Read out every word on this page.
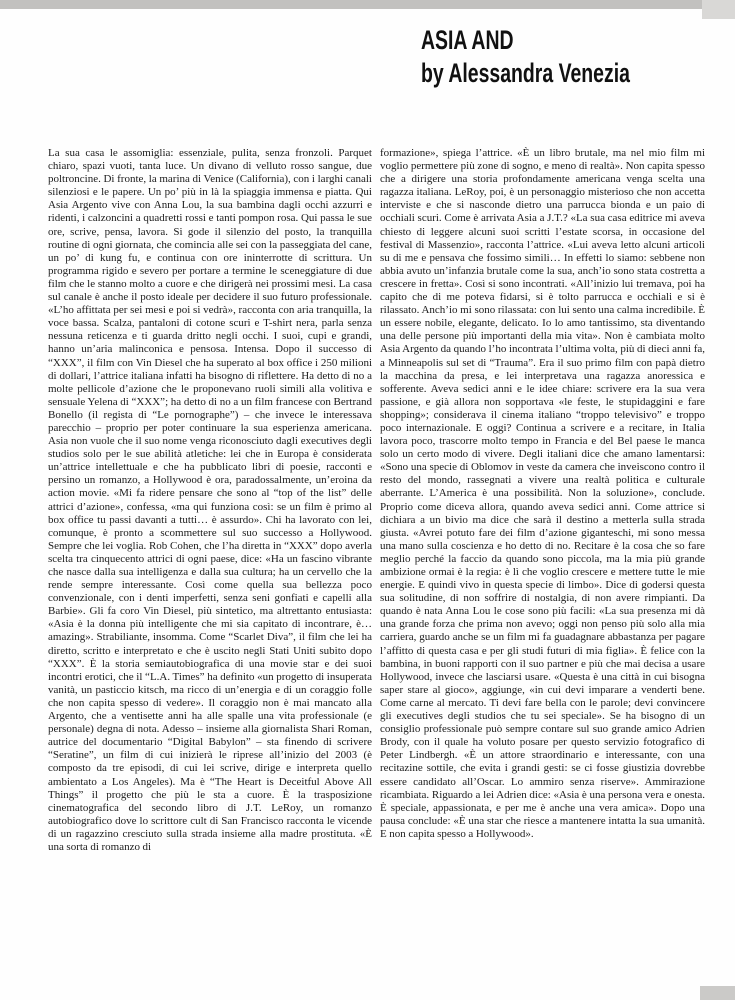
ASIA AND
by Alessandra Venezia
La sua casa le assomiglia: essenziale, pulita, senza fronzoli. Parquet chiaro, spazi vuoti, tanta luce. Un divano di velluto rosso sangue, due poltroncine. Di fronte, la marina di Venice (California), con i larghi canali silenziosi e le papere. Un po’ più in là la spiaggia immensa e piatta. Qui Asia Argento vive con Anna Lou, la sua bambina dagli occhi azzurri e ridenti, i calzoncini a quadretti rossi e tanti pompon rosa. Qui passa le sue ore, scrive, pensa, lavora. Si gode il silenzio del posto, la tranquilla routine di ogni giornata, che comincia alle sei con la passeggiata del cane, un po’ di kung fu, e continua con ore ininterrotte di scrittura. Un programma rigido e severo per portare a termine le sceneggiature di due film che le stanno molto a cuore e che dirigerà nei prossimi mesi. La casa sul canale è anche il posto ideale per decidere il suo futuro professionale. «L’ho affittata per sei mesi e poi si vedrà», racconta con aria tranquilla, la voce bassa. Scalza, pantaloni di cotone scuri e T-shirt nera, parla senza nessuna reticenza e ti guarda dritto negli occhi. I suoi, cupi e grandi, hanno un’aria malinconica e pensosa. Intensa. Dopo il successo di “XXX”, il film con Vin Diesel che ha superato al box office i 250 milioni di dollari, l’attrice italiana infatti ha bisogno di riflettere. Ha detto di no a molte pellicole d’azione che le proponevano ruoli simili alla volitiva e sensuale Yelena di “XXX”; ha detto di no a un film francese con Bertrand Bonello (il regista di “Le pornographe”) – che invece le interessava parecchio – proprio per poter continuare la sua esperienza americana. Asia non vuole che il suo nome venga riconosciuto dagli executives degli studios solo per le sue abilità atletiche: lei che in Europa è considerata un’attrice intellettuale e che ha pubblicato libri di poesie, racconti e persino un romanzo, a Hollywood è ora, paradossalmente, un’eroina da action movie. «Mi fa ridere pensare che sono al “top of the list” delle attrici d’azione», confessa, «ma qui funziona così: se un film è primo al box office tu passi davanti a tutti… è assurdo». Chi ha lavorato con lei, comunque, è pronto a scommettere sul suo successo a Hollywood. Sempre che lei voglia. Rob Cohen, che l’ha diretta in “XXX” dopo averla scelta tra cinquecento attrici di ogni paese, dice: «Ha un fascino vibrante che nasce dalla sua intelligenza e dalla sua cultura; ha un cervello che la rende sempre interessante. Così come quella sua bellezza poco convenzionale, con i denti imperfetti, senza seni gonfiati e capelli alla Barbie». Gli fa coro Vin Diesel, più sintetico, ma altrettanto entusiasta: «Asia è la donna più intelligente che mi sia capitato di incontrare, è… amazing». Strabiliante, insomma. Come “Scarlet Diva”, il film che lei ha diretto, scritto e interpretato e che è uscito negli Stati Uniti subito dopo “XXX”. È la storia semiautobiografica di una movie star e dei suoi incontri erotici, che il “L.A. Times” ha definito «un progetto di insuperata vanità, un pasticcio kitsch, ma ricco di un’energia e di un coraggio folle che non capita spesso di vedere». Il coraggio non è mai mancato alla Argento, che a ventisette anni ha alle spalle una vita professionale (e personale) degna di nota. Adesso – insieme alla giornalista Shari Roman, autrice del documentario “Digital Babylon” – sta finendo di scrivere “Seratine”, un film di cui inizierà le riprese all’inizio del 2003 (è composto da tre episodi, di cui lei scrive, dirige e interpreta quello ambientato a Los Angeles). Ma è “The Heart is Deceitful Above All Things” il progetto che più le sta a cuore. È la trasposizione cinematografica del secondo libro di J.T. LeRoy, un romanzo autobiografico dove lo scrittore cult di San Francisco racconta le vicende di un ragazzino cresciuto sulla strada insieme alla madre prostituta. «È una sorta di romanzo di
formazione», spiega l’attrice. «È un libro brutale, ma nel mio film mi voglio permettere più zone di sogno, e meno di realtà». Non capita spesso che a dirigere una storia profondamente americana venga scelta una ragazza italiana. LeRoy, poi, è un personaggio misterioso che non accetta interviste e che si nasconde dietro una parrucca bionda e un paio di occhiali scuri. Come è arrivata Asia a J.T.? «La sua casa editrice mi aveva chiesto di leggere alcuni suoi scritti l’estate scorsa, in occasione del festival di Massenzio», racconta l’attrice. «Lui aveva letto alcuni articoli su di me e pensava che fossimo simili… In effetti lo siamo: sebbene non abbia avuto un’infanzia brutale come la sua, anch’io sono stata costretta a crescere in fretta». Così si sono incontrati. «All’inizio lui tremava, poi ha capito che di me poteva fidarsi, si è tolto parrucca e occhiali e si è rilassato. Anch’io mi sono rilassata: con lui sento una calma incredibile. È un essere nobile, elegante, delicato. Io lo amo tantissimo, sta diventando una delle persone più importanti della mia vita». Non è cambiata molto Asia Argento da quando l’ho incontrata l’ultima volta, più di dieci anni fa, a Minneapolis sul set di “Trauma”. Era il suo primo film con papà dietro la macchina da presa, e lei interpretava una ragazza anoressica e sofferente. Aveva sedici anni e le idee chiare: scrivere era la sua vera passione, e già allora non sopportava «le feste, le stupidaggini e fare shopping»; considerava il cinema italiano “troppo televisivo” e troppo poco internazionale. E oggi? Continua a scrivere e a recitare, in Italia lavora poco, trascorre molto tempo in Francia e del Bel paese le manca solo un certo modo di vivere. Degli italiani dice che amano lamentarsi: «Sono una specie di Oblomov in veste da camera che inveiscono contro il resto del mondo, rassegnati a vivere una realtà politica e culturale aberrante. L’America è una possibilità. Non la soluzione», conclude. Proprio come diceva allora, quando aveva sedici anni. Come attrice si dichiara a un bivio ma dice che sarà il destino a metterla sulla strada giusta. «Avrei potuto fare dei film d’azione giganteschi, mi sono messa una mano sulla coscienza e ho detto di no. Recitare è la cosa che so fare meglio perché la faccio da quando sono piccola, ma la mia più grande ambizione ormai è la regia: è lì che voglio crescere e mettere tutte le mie energie. E quindi vivo in questa specie di limbo». Dice di godersi questa sua solitudine, di non soffrire di nostalgia, di non avere rimpianti. Da quando è nata Anna Lou le cose sono più facili: «La sua presenza mi dà una grande forza che prima non avevo; oggi non penso più solo alla mia carriera, guardo anche se un film mi fa guadagnare abbastanza per pagare l’affitto di questa casa e per gli studi futuri di mia figlia». È felice con la bambina, in buoni rapporti con il suo partner e più che mai decisa a usare Hollywood, invece che lasciarsi usare. «Questa è una città in cui bisogna saper stare al gioco», aggiunge, «in cui devi imparare a venderti bene. Come carne al mercato. Ti devi fare bella con le parole; devi convincere gli executives degli studios che tu sei speciale». Se ha bisogno di un consiglio professionale può sempre contare sul suo grande amico Adrien Brody, con il quale ha voluto posare per questo servizio fotografico di Peter Lindbergh. «È un attore straordinario e interessante, con una recitazine sottile, che evita i grandi gesti: se ci fosse giustizia dovrebbe essere candidato all’Oscar. Lo ammiro senza riserve». Ammirazione ricambiata. Riguardo a lei Adrien dice: «Asia è una persona vera e onesta. È speciale, appassionata, e per me è anche una vera amica». Dopo una pausa conclude: «È una star che riesce a mantenere intatta la sua umanità. E non capita spesso a Hollywood».
